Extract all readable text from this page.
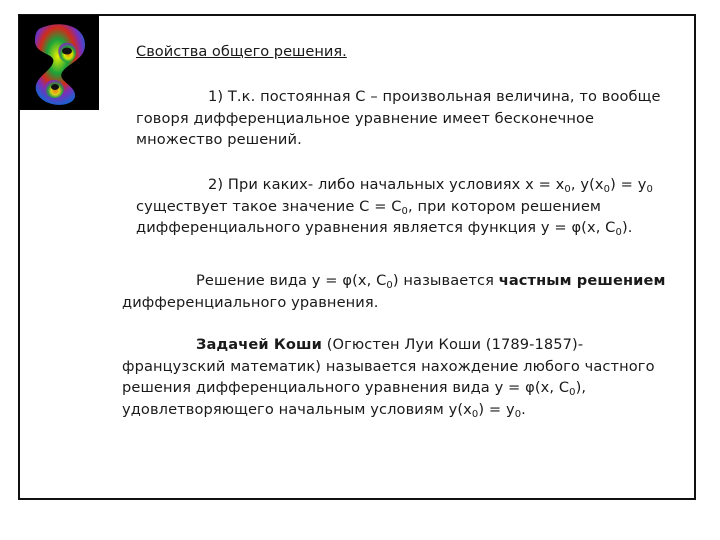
Свойства общего решения.
1) Т.к. постоянная С – произвольная величина, то вообще
говоря дифференциальное уравнение имеет бесконечное
множество решений.
2) При каких- либо начальных условиях $х = х_0$, $у(х_0) = у_0$
существует такое значение $С = С_0$, при котором решением
дифференциального уравнения является функция у = φ(х, $С_0$).
Решение вида у = φ(х, $С_0$) называется частным решением
дифференциального уравнения.
Задачей Коши (Огюстен Луи Коши (1789-1857)-
французский математик) называется нахождение любого частного
решения дифференциального уравнения вида у = φ(х, $С_0$),
удовлетворяющего начальным условиям $у(х_0) = у_0$.
